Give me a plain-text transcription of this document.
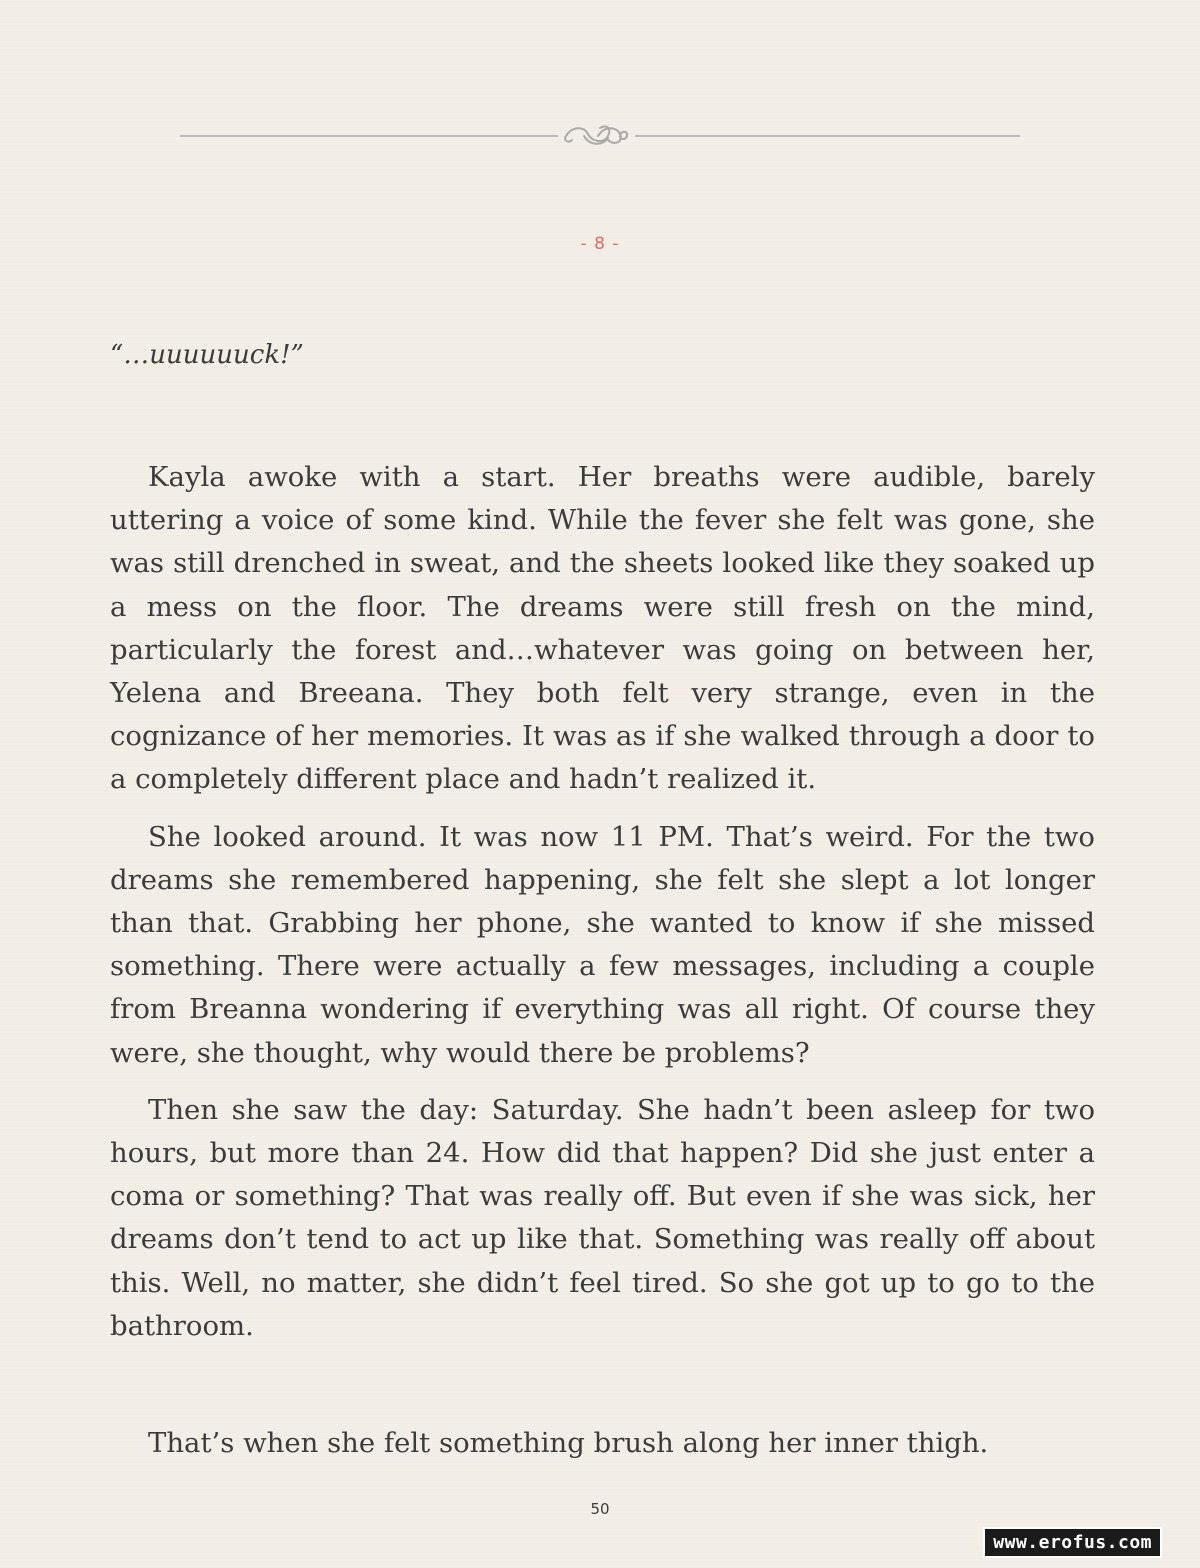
- 8 -
“…uuuuuuck!”

Kayla awoke with a start. Her breaths were audible, barely uttering a voice of some kind. While the fever she felt was gone, she was still drenched in sweat, and the sheets looked like they soaked up a mess on the floor. The dreams were still fresh on the mind, particularly the forest and…whatever was going on between her, Yelena and Breeana. They both felt very strange, even in the cognizance of her memories. It was as if she walked through a door to a completely different place and hadn’t realized it.

She looked around. It was now 11 PM. That’s weird. For the two dreams she remembered happening, she felt she slept a lot longer than that. Grabbing her phone, she wanted to know if she missed something. There were actually a few messages, including a couple from Breanna wondering if everything was all right. Of course they were, she thought, why would there be problems?

Then she saw the day: Saturday. She hadn’t been asleep for two hours, but more than 24. How did that happen? Did she just enter a coma or something? That was really off. But even if she was sick, her dreams don’t tend to act up like that. Something was really off about this. Well, no matter, she didn’t feel tired. So she got up to go to the bathroom.

That’s when she felt something brush along her inner thigh.
50
www.erofus.com
